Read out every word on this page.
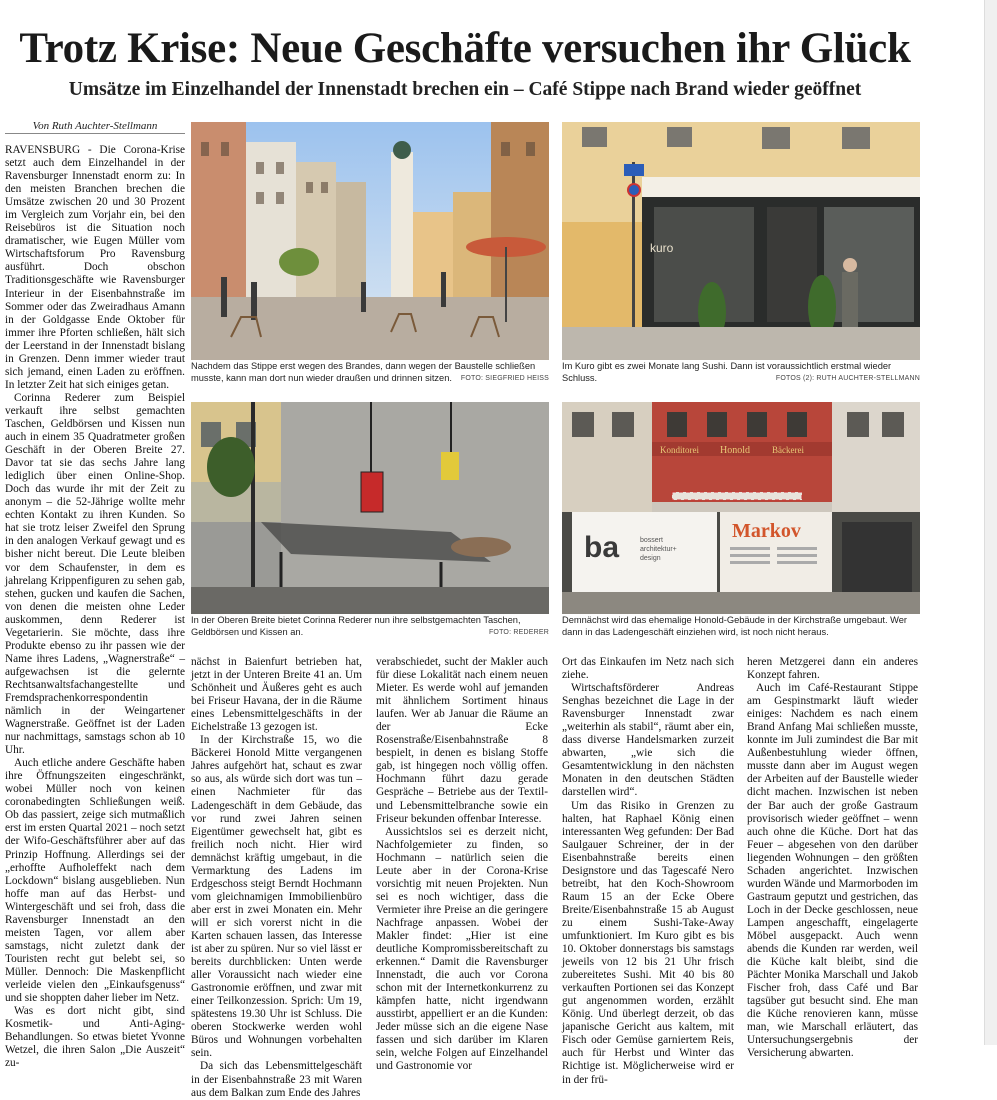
Trotz Krise: Neue Geschäfte versuchen ihr Glück
Umsätze im Einzelhandel der Innenstadt brechen ein – Café Stippe nach Brand wieder geöffnet
Von Ruth Auchter-Stellmann

RAVENSBURG - Die Corona-Krise setzt auch dem Einzelhandel in der Ravensburger Innenstadt enorm zu: In den meisten Branchen brechen die Umsätze zwischen 20 und 30 Prozent im Vergleich zum Vorjahr ein, bei den Reisebüros ist die Situation noch dramatischer, wie Eugen Müller vom Wirtschaftsforum Pro Ravensburg ausführt. Doch obschon Traditionsgeschäfte wie Ravensburger Interieur in der Eisenbahnstraße im Sommer oder das Zweiradhaus Amann in der Goldgasse Ende Oktober für immer ihre Pforten schließen, hält sich der Leerstand in der Innenstadt bislang in Grenzen. Denn immer wieder traut sich jemand, einen Laden zu eröffnen. In letzter Zeit hat sich einiges getan.

Corinna Rederer zum Beispiel verkauft ihre selbst gemachten Taschen, Geldbörsen und Kissen nun auch in einem 35 Quadratmeter großen Geschäft in der Oberen Breite 27. Davor tat sie das sechs Jahre lang lediglich über einen Online-Shop. Doch das wurde ihr mit der Zeit zu anonym – die 52-Jährige wollte mehr echten Kontakt zu ihren Kunden. So hat sie trotz leiser Zweifel den Sprung in den analogen Verkauf gewagt und es bisher nicht bereut. Die Leute bleiben vor dem Schaufenster, in dem es jahrelang Krippenfiguren zu sehen gab, stehen, gucken und kaufen die Sachen, von denen die meisten ohne Leder auskommen, denn Rederer ist Vegetarierin. Sie möchte, dass ihre Produkte ebenso zu ihr passen wie der Name ihres Ladens, „Wagnerstraße“ – aufgewachsen ist die gelernte Rechtsanwaltsfachangestellte und Fremdsprachenkorrespondentin nämlich in der Weingartener Wagnerstraße. Geöffnet ist der Laden nur nachmittags, samstags schon ab 10 Uhr.

Auch etliche andere Geschäfte haben ihre Öffnungszeiten eingeschränkt, wobei Müller noch von keinen coronabedingten Schließungen weiß. Ob das passiert, zeige sich mutmaßlich erst im ersten Quartal 2021 – noch setzt der Wifo-Geschäftsführer aber auf das Prinzip Hoffnung. Allerdings sei der „erhoffte Aufholeffekt nach dem Lockdown“ bislang ausgeblieben. Nun hoffe man auf das Herbst- und Wintergeschäft und sei froh, dass die Ravensburger Innenstadt an den meisten Tagen, vor allem aber samstags, nicht zuletzt dank der Touristen recht gut belebt sei, so Müller. Dennoch: Die Maskenpflicht verleide vielen den „Einkaufsgenuss“ und sie shoppten daher lieber im Netz.

Was es dort nicht gibt, sind Kosmetik- und Anti-Aging-Behandlungen. So etwas bietet Yvonne Wetzel, die ihren Salon „Die Auszeit“ zu-

Nachdem das Stippe erst wegen des Brandes, dann wegen der Baustelle schließen musste, kann man dort nun wieder draußen und drinnen sitzen. FOTO: SIEGFRIED HEISS
kuro
Im Kuro gibt es zwei Monate lang Sushi. Dann ist voraussichtlich erstmal wieder Schluss.	FOTOS (2): RUTH AUCHTER-STELLMANN
In der Oberen Breite bietet Corinna Rederer nun ihre selbstgemachten Taschen, Geldbörsen und Kissen an.	FOTO: REDERER
Konditorei Honold Bäckerei
ba	bossert
architektur+
design
Markov
Demnächst wird das ehemalige Honold-Gebäude in der Kirchstraße umgebaut. Wer dann in das Ladengeschäft einziehen wird, ist noch nicht heraus.

nächst in Baienfurt betrieben hat, jetzt in der Unteren Breite 41 an. Um Schönheit und Äußeres geht es auch bei Friseur Havana, der in die Räume eines Lebensmittelgeschäfts in der Eichelstraße 13 gezogen ist.

In der Kirchstraße 15, wo die Bäckerei Honold Mitte vergangenen Jahres aufgehört hat, schaut es zwar so aus, als würde sich dort was tun – einen Nachmieter für das Ladengeschäft in dem Gebäude, das vor rund zwei Jahren seinen Eigentümer gewechselt hat, gibt es freilich noch nicht. Hier wird demnächst kräftig umgebaut, in die Vermarktung des Ladens im Erdgeschoss steigt Berndt Hochmann vom gleichnamigen Immobilienbüro aber erst in zwei Monaten ein. Mehr will er sich vorerst nicht in die Karten schauen lassen, das Interesse ist aber zu spüren. Nur so viel lässt er bereits durchblicken: Unten werde aller Voraussicht nach wieder eine Gastronomie eröffnen, und zwar mit einer Teilkonzession. Sprich: Um 19, spätestens 19.30 Uhr ist Schluss. Die oberen Stockwerke werden wohl Büros und Wohnungen vorbehalten sein.

Da sich das Lebensmittelgeschäft in der Eisenbahnstraße 23 mit Waren aus dem Balkan zum Ende des Jahres

verabschiedet, sucht der Makler auch für diese Lokalität nach einem neuen Mieter. Es werde wohl auf jemanden mit ähnlichem Sortiment hinaus laufen. Wer ab Januar die Räume an der Ecke Rosenstraße/Eisenbahnstraße 8 bespielt, in denen es bislang Stoffe gab, ist hingegen noch völlig offen. Hochmann führt dazu gerade Gespräche – Betriebe aus der Textil- und Lebensmittelbranche sowie ein Friseur bekunden offenbar Interesse.

Aussichtslos sei es derzeit nicht, Nachfolgemieter zu finden, so Hochmann – natürlich seien die Leute aber in der Corona-Krise vorsichtig mit neuen Projekten. Nun sei es noch wichtiger, dass die Vermieter ihre Preise an die geringere Nachfrage anpassen. Wobei der Makler findet: „Hier ist eine deutliche Kompromissbereitschaft zu erkennen.“ Damit die Ravensburger Innenstadt, die auch vor Corona schon mit der Internetkonkurrenz zu kämpfen hatte, nicht irgendwann ausstirbt, appelliert er an die Kunden: Jeder müsse sich an die eigene Nase fassen und sich darüber im Klaren sein, welche Folgen auf Einzelhandel und Gastronomie vor

Ort das Einkaufen im Netz nach sich ziehe.

Wirtschaftsförderer Andreas Senghas bezeichnet die Lage in der Ravensburger Innenstadt zwar „weiterhin als stabil“, räumt aber ein, dass diverse Handelsmarken zurzeit abwarten, „wie sich die Gesamtentwicklung in den nächsten Monaten in den deutschen Städten darstellen wird“.

Um das Risiko in Grenzen zu halten, hat Raphael König einen interessanten Weg gefunden: Der Bad Saulgauer Schreiner, der in der Eisenbahnstraße bereits einen Designstore und das Tagescafé Nero betreibt, hat den Koch-Showroom Raum 15 an der Ecke Obere Breite/Eisenbahnstraße 15 ab August zu einem Sushi-Take-Away umfunktioniert. Im Kuro gibt es bis 10. Oktober donnerstags bis samstags jeweils von 12 bis 21 Uhr frisch zubereitetes Sushi. Mit 40 bis 80 verkauften Portionen sei das Konzept gut angenommen worden, erzählt König. Und überlegt derzeit, ob das japanische Gericht aus kaltem, mit Fisch oder Gemüse garniertem Reis, auch für Herbst und Winter das Richtige ist. Möglicherweise wird er in der frü-

heren Metzgerei dann ein anderes Konzept fahren.

Auch im Café-Restaurant Stippe am Gespinstmarkt läuft wieder einiges: Nachdem es nach einem Brand Anfang Mai schließen musste, konnte im Juli zumindest die Bar mit Außenbestuhlung wieder öffnen, musste dann aber im August wegen der Arbeiten auf der Baustelle wieder dicht machen. Inzwischen ist neben der Bar auch der große Gastraum provisorisch wieder geöffnet – wenn auch ohne die Küche. Dort hat das Feuer – abgesehen von den darüber liegenden Wohnungen – den größten Schaden angerichtet. Inzwischen wurden Wände und Marmorboden im Gastraum geputzt und gestrichen, das Loch in der Decke geschlossen, neue Lampen angeschafft, eingelagerte Möbel ausgepackt. Auch wenn abends die Kunden rar werden, weil die Küche kalt bleibt, sind die Pächter Monika Marschall und Jakob Fischer froh, dass Café und Bar tagsüber gut besucht sind. Ehe man die Küche renovieren kann, müsse man, wie Marschall erläutert, das Untersuchungsergebnis der Versicherung abwarten.
